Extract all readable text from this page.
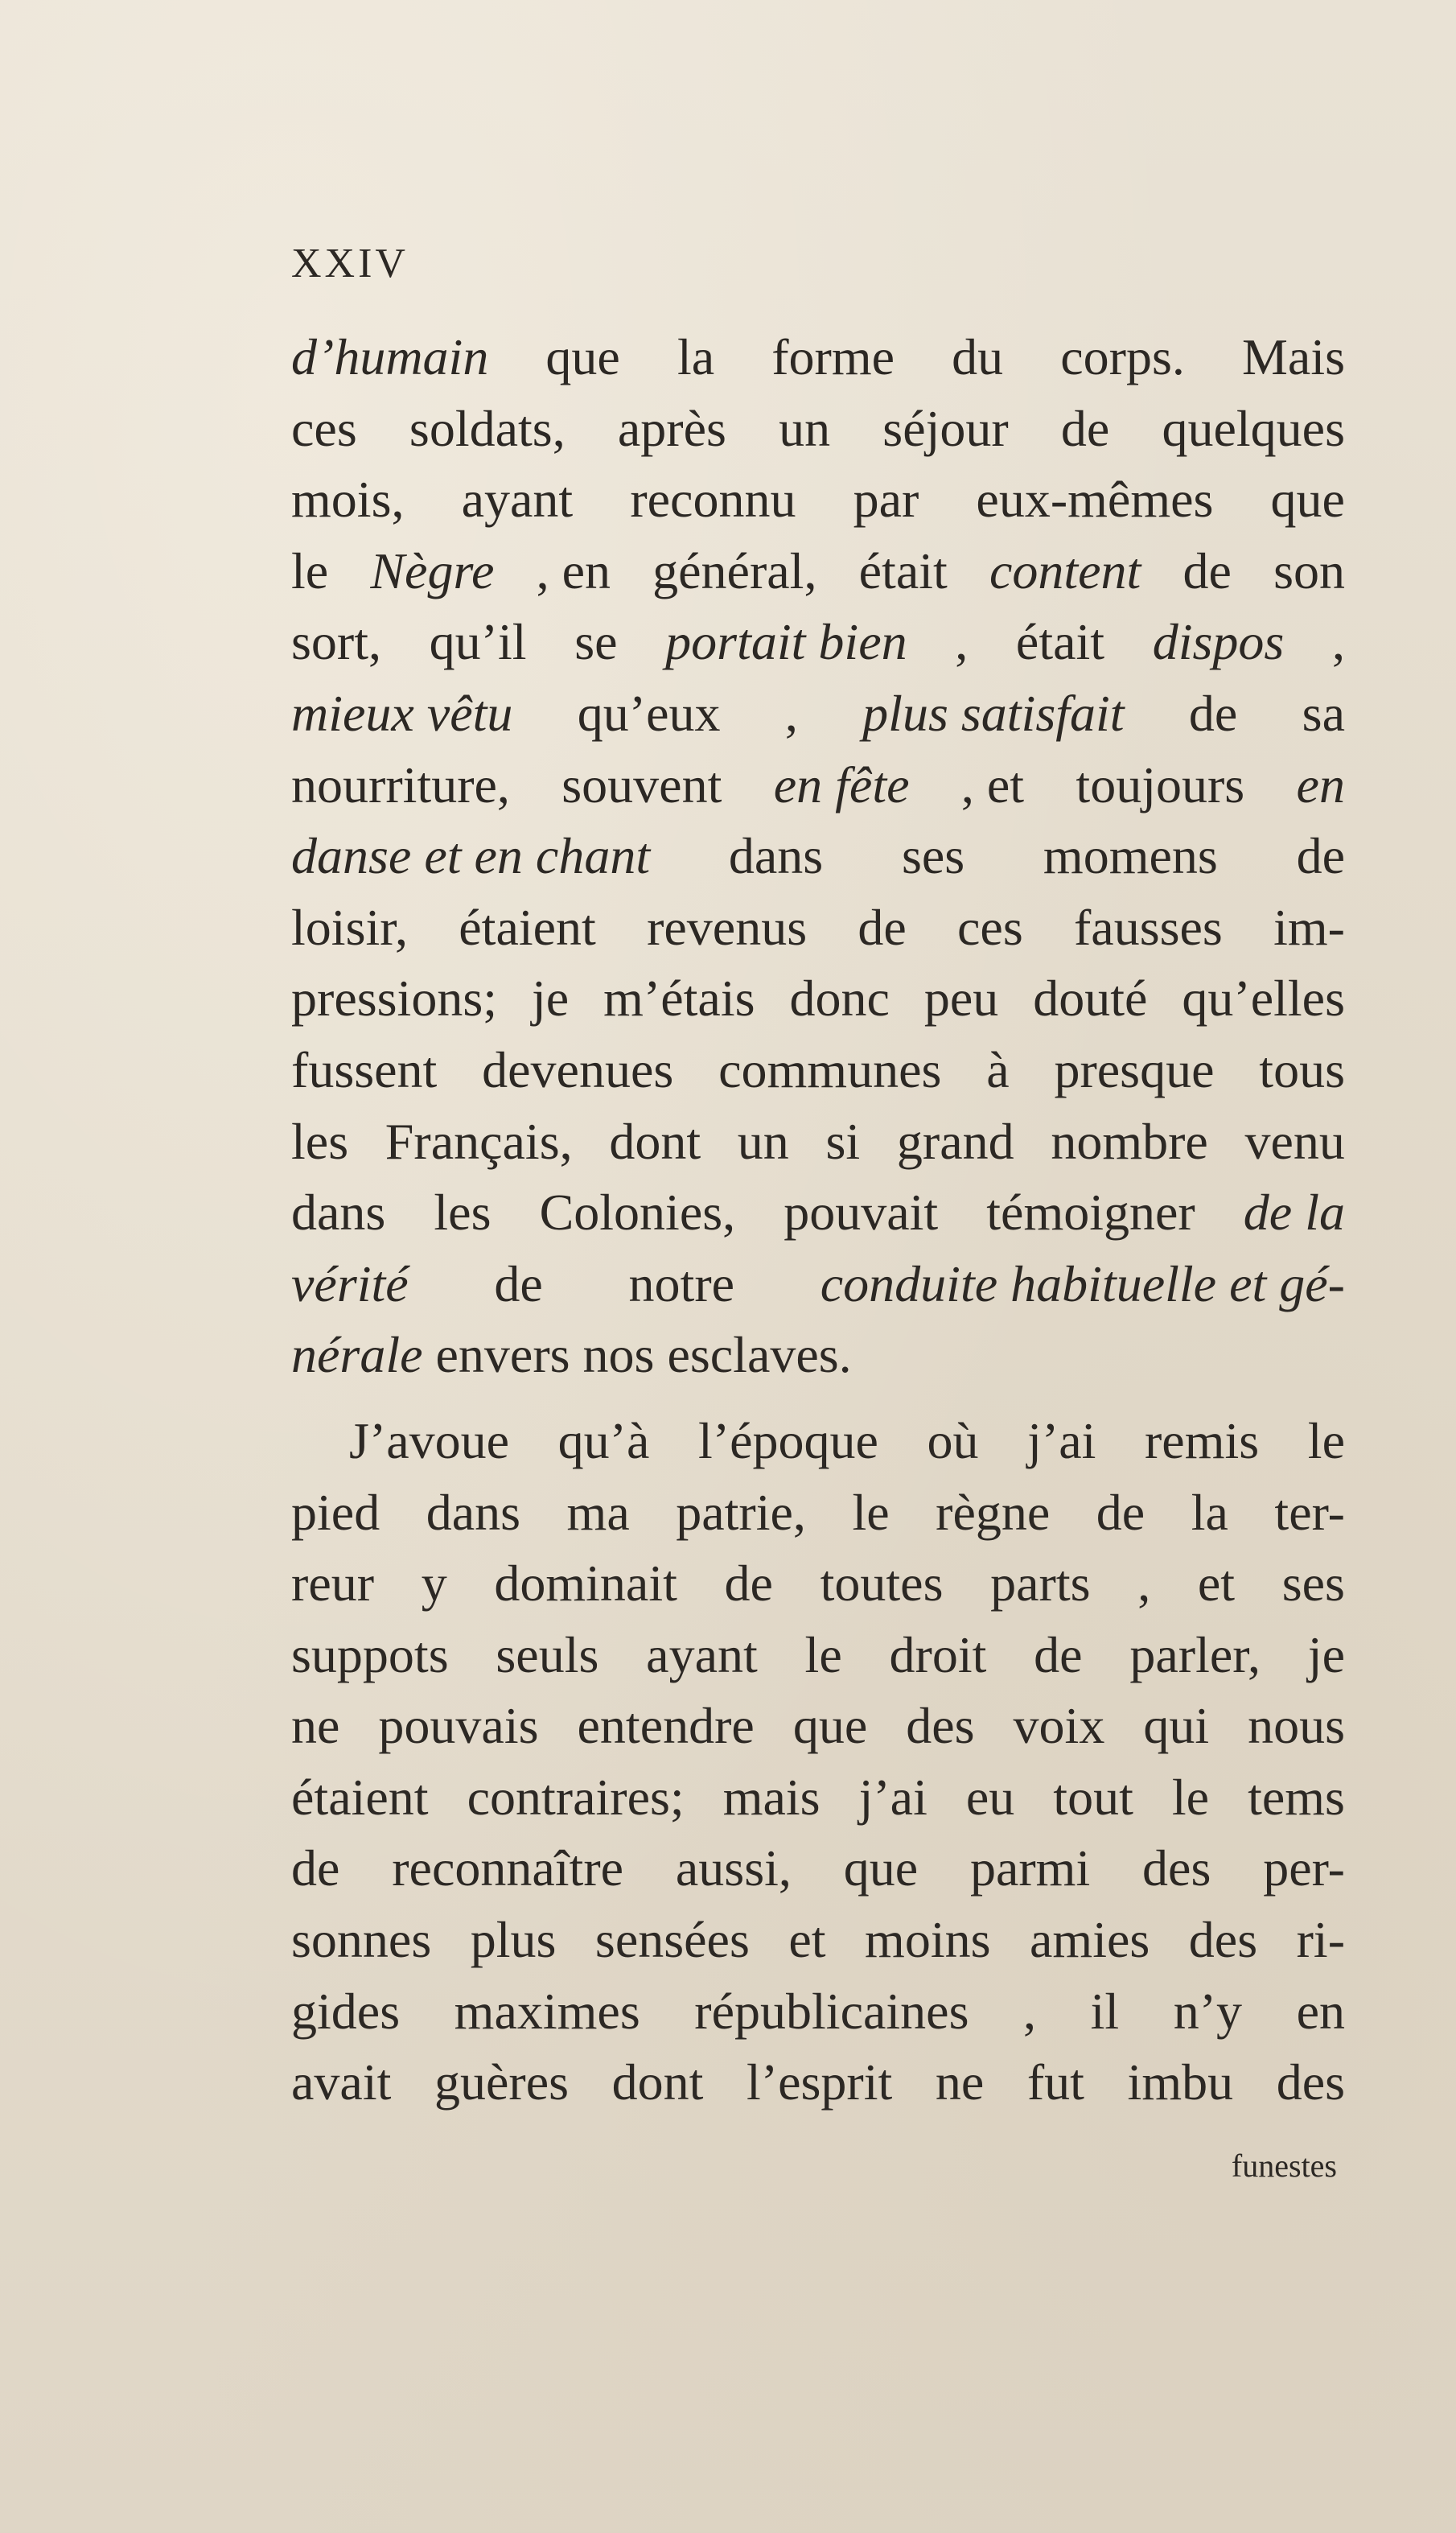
XXIV
d’humain que la forme du corps. Mais
ces soldats, après un séjour de quelques
mois, ayant reconnu par eux-mêmes que
le Nègre , en général, était content de son
sort, qu’il se portait bien , était dispos ,
mieux vêtu qu’eux , plus satisfait de sa
nourriture, souvent en fête , et toujours en
danse et en chant dans ses momens de
loisir, étaient revenus de ces fausses im-
pressions; je m’étais donc peu douté qu’elles
fussent devenues communes à presque tous
les Français, dont un si grand nombre venu
dans les Colonies, pouvait témoigner de la
vérité de notre conduite habituelle et gé-
nérale envers nos esclaves.
J’avoue qu’à l’époque où j’ai remis le
pied dans ma patrie, le règne de la ter-
reur y dominait de toutes parts , et ses
suppots seuls ayant le droit de parler, je
ne pouvais entendre que des voix qui nous
étaient contraires; mais j’ai eu tout le tems
de reconnaître aussi, que parmi des per-
sonnes plus sensées et moins amies des ri-
gides maximes républicaines , il n’y en
avait guères dont l’esprit ne fut imbu des
funestes
